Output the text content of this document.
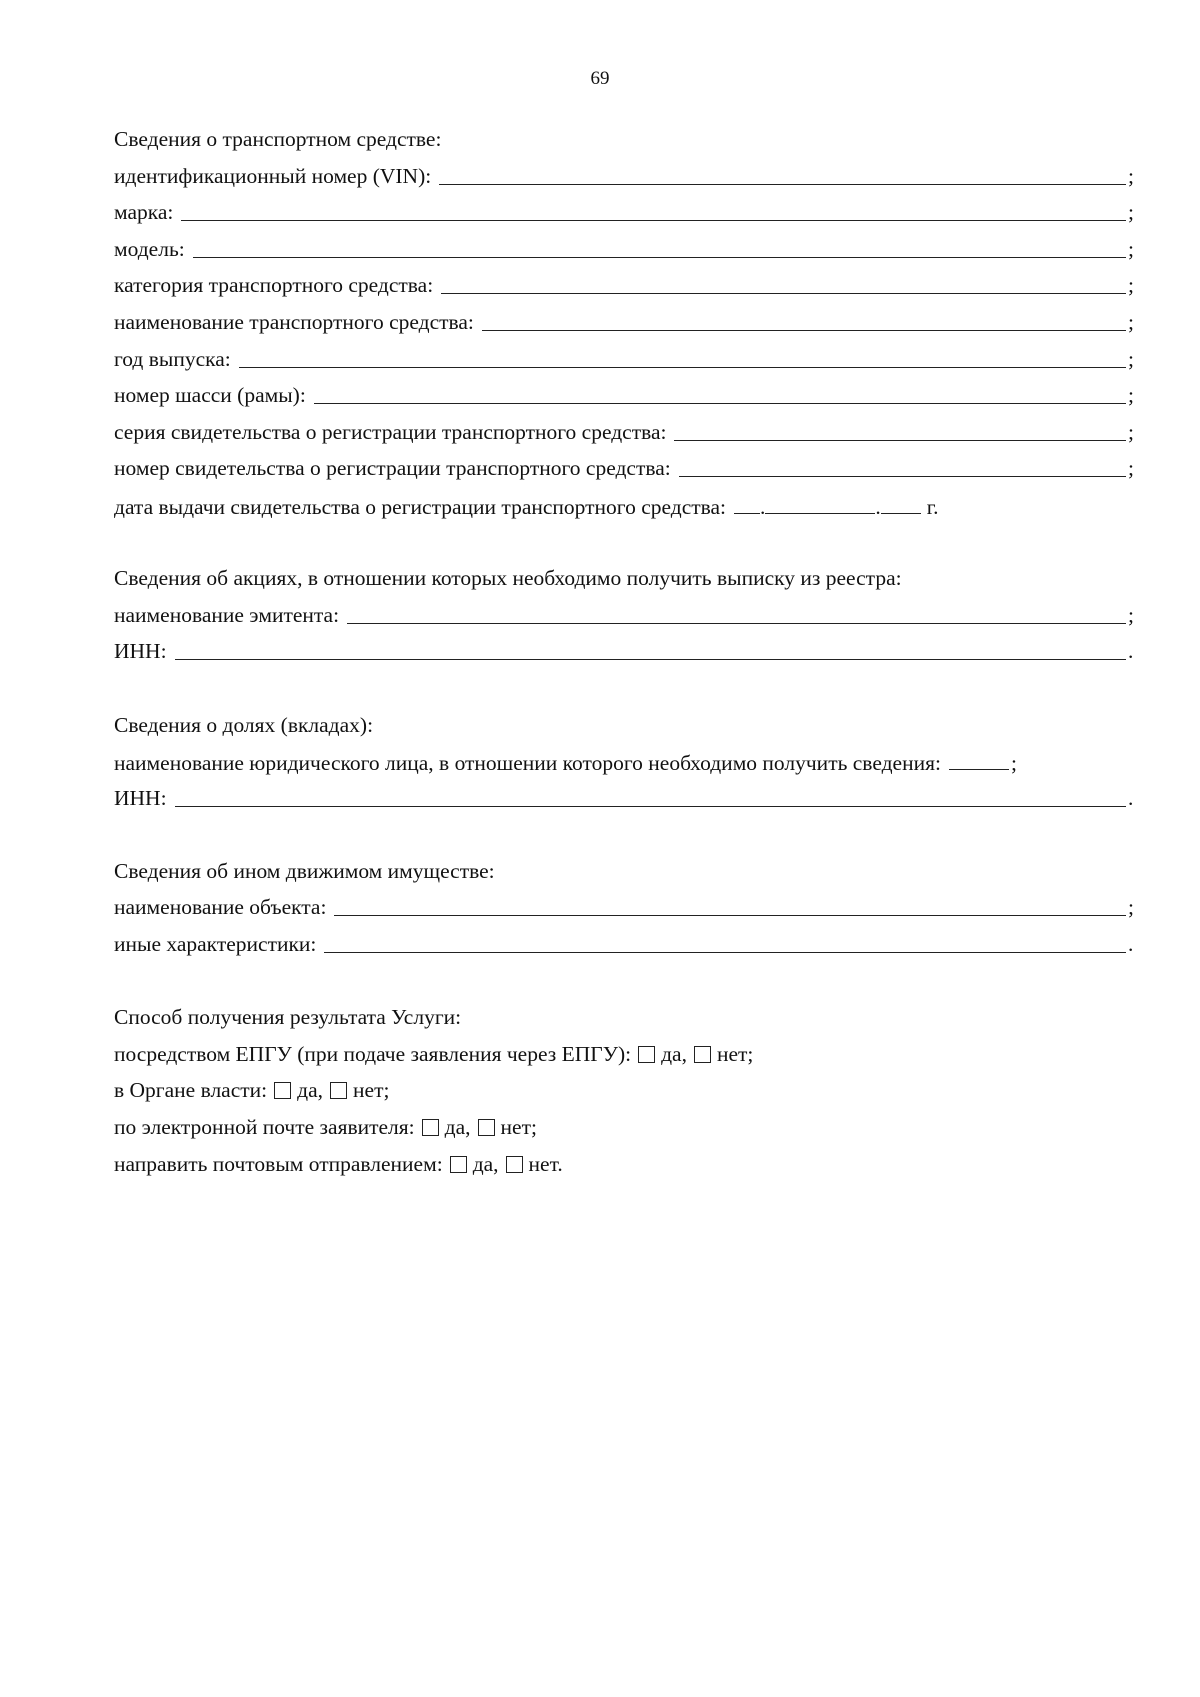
69
Сведения о транспортном средстве:
идентификационный номер (VIN):	;
марка:	;
модель:	;
категория транспортного средства:	;
наименование транспортного средства:	;
год выпуска:	;
номер шасси (рамы):	;
серия свидетельства о регистрации транспортного средства:	;
номер свидетельства о регистрации транспортного средства:	;
дата выдачи свидетельства о регистрации транспортного средства: .	. г.
Сведения об акциях, в отношении которых необходимо получить выписку из реестра:
наименование эмитента:	;
ИНН:	.
Сведения о долях (вкладах):
наименование юридического лица, в отношении которого необходимо получить сведения:	;
ИНН:	.
Сведения об ином движимом имуществе:
наименование объекта:	;
иные характеристики:	.
Способ получения результата Услуги:
посредством ЕПГУ (при подаче заявления через ЕПГУ):	да,	нет;
в Органе власти:	да,	нет;
по электронной почте заявителя:	да,	нет;
направить почтовым отправлением:	да,	нет.
